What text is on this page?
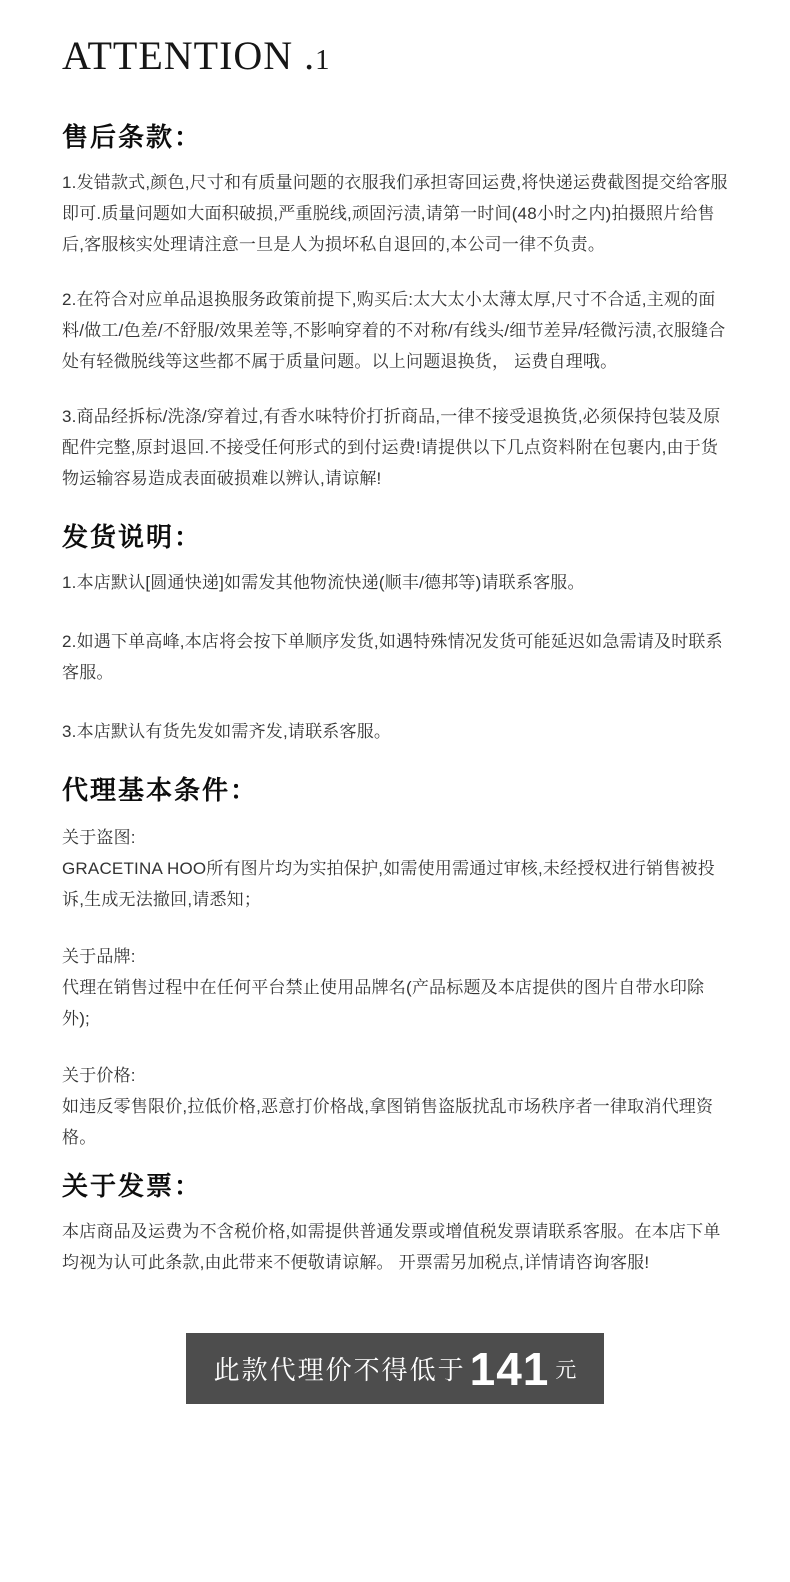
ATTENTION .1
售后条款：

1.发错款式,颜色,尺寸和有质量问题的衣服我们承担寄回运费,将快递运费截图提交给客服即可.质量问题如大面积破损,严重脱线,顽固污渍,请第一时间(48小时之内)拍摄照片给售后,客服核实处理请注意一旦是人为损坏私自退回的,本公司一律不负责。

2.在符合对应单品退换服务政策前提下,购买后:太大太小太薄太厚,尺寸不合适,主观的面料/做工/色差/不舒服/效果差等,不影响穿着的不对称/有线头/细节差异/轻微污渍,衣服缝合处有轻微脱线等这些都不属于质量问题。以上问题退换货， 运费自理哦。

3.商品经拆标/洗涤/穿着过,有香水味特价打折商品,一律不接受退换货,必须保持包装及原配件完整,原封退回.不接受任何形式的到付运费!请提供以下几点资料附在包裹内,由于货物运输容易造成表面破损难以辨认,请谅解!

发货说明：

1.本店默认[圆通快递]如需发其他物流快递(顺丰/德邦等)请联系客服。

2.如遇下单高峰,本店将会按下单顺序发货,如遇特殊情况发货可能延迟如急需请及时联系客服。

3.本店默认有货先发如需齐发,请联系客服。

代理基本条件：

关于盗图:
GRACETINA HOO所有图片均为实拍保护,如需使用需通过审核,未经授权进行销售被投诉,生成无法撤回,请悉知；

关于品牌:
代理在销售过程中在任何平台禁止使用品牌名(产品标题及本店提供的图片自带水印除外);

关于价格:
如违反零售限价,拉低价格,恶意打价格战,拿图销售盗版扰乱市场秩序者一律取消代理资格。

关于发票：

本店商品及运费为不含税价格,如需提供普通发票或增值税发票请联系客服。在本店下单均视为认可此条款,由此带来不便敬请谅解。 开票需另加税点,详情请咨询客服!

此款代理价不得低于 141 元
